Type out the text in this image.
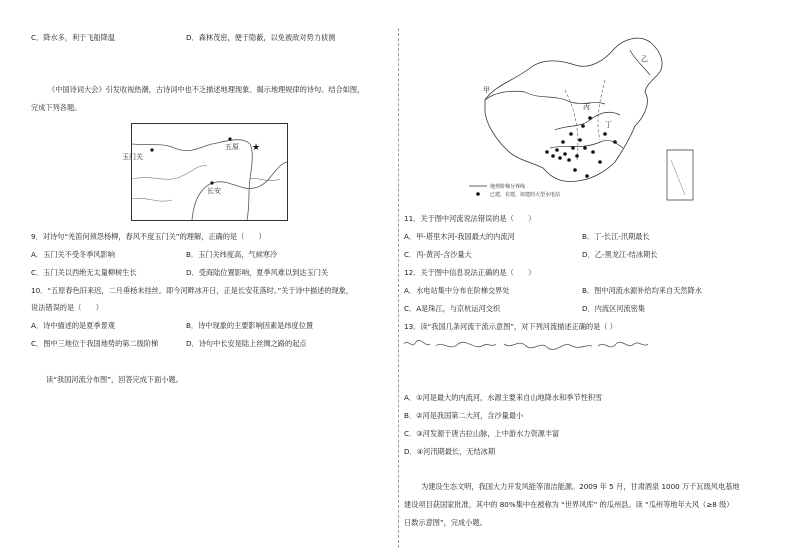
C．降水多，利于飞船降温	D．森林茂密，便于隐蔽，以免被敌对势力侦测
《中国诗词大会》引发收视热潮，古诗词中也不乏描述地理现象、揭示地理规律的诗句。结合如图，
完成下列各题。
★
玉门关
五原
长安
9．对诗句“羌笛何须怨杨柳，春风不度玉门关”的理解，正确的是（　　）
A．玉门关不受冬季风影响	B．玉门关纬度高，气候寒冷
C．玉门关以西绝无太量柳树生长	D．受海陆位置影响，夏季风难以到达玉门关
10．“五原春色旧来迟，二月垂杨未挂丝。即今河畔冰开日，正是长安花落时。”关于诗中描述的现象，
说法错误的是（　　）
A．诗中描述的是夏季景观	B．诗中现象的主要影响因素是纬度位置
C．图中三地位于我国地势的第二级阶梯	D．诗句中长安是陆上丝绸之路的起点
读“我国河流分布图”，回答完成下面小题。
甲
乙
丙
丁
地势阶梯分界线
已建、在建、拟建的大型水电站
11．关于图中河流说法错误的是（　　）
A．甲-塔里木河-我国最大的内流河	B．丁-长江-汛期最长
C．丙-黄河-含沙量大	D．乙-黑龙江-结冰期长
12．关于图中信息说法正确的是（　　）
A．水电站集中分布在阶梯交界处	B．图中河流水源补给均来自天然降水
C．A是珠江，与京杭运河交织	D．内流区河流密集
13．读“我国几条河流干流示意图”，对下列河流描述正确的是（ ）
A．①河是最大的内流河，水源主要来自山地降水和季节性积雪
B．②河是我国第二大河，含沙量最小
C．③河发源于唐古拉山脉，上中游水力资源丰富
D．④河汛期最长，无结冰期
为建设生态文明，我国大力开发风能等清洁能源。2009 年 5 月，甘肃酒泉 1000 万千瓦级风电基地
建设项目获国家批准，其中的 80%集中在被称为 “世界风库” 的瓜州县。读 “瓜州等地年大风（≥8 级）
日数示意图”，完成小题。
